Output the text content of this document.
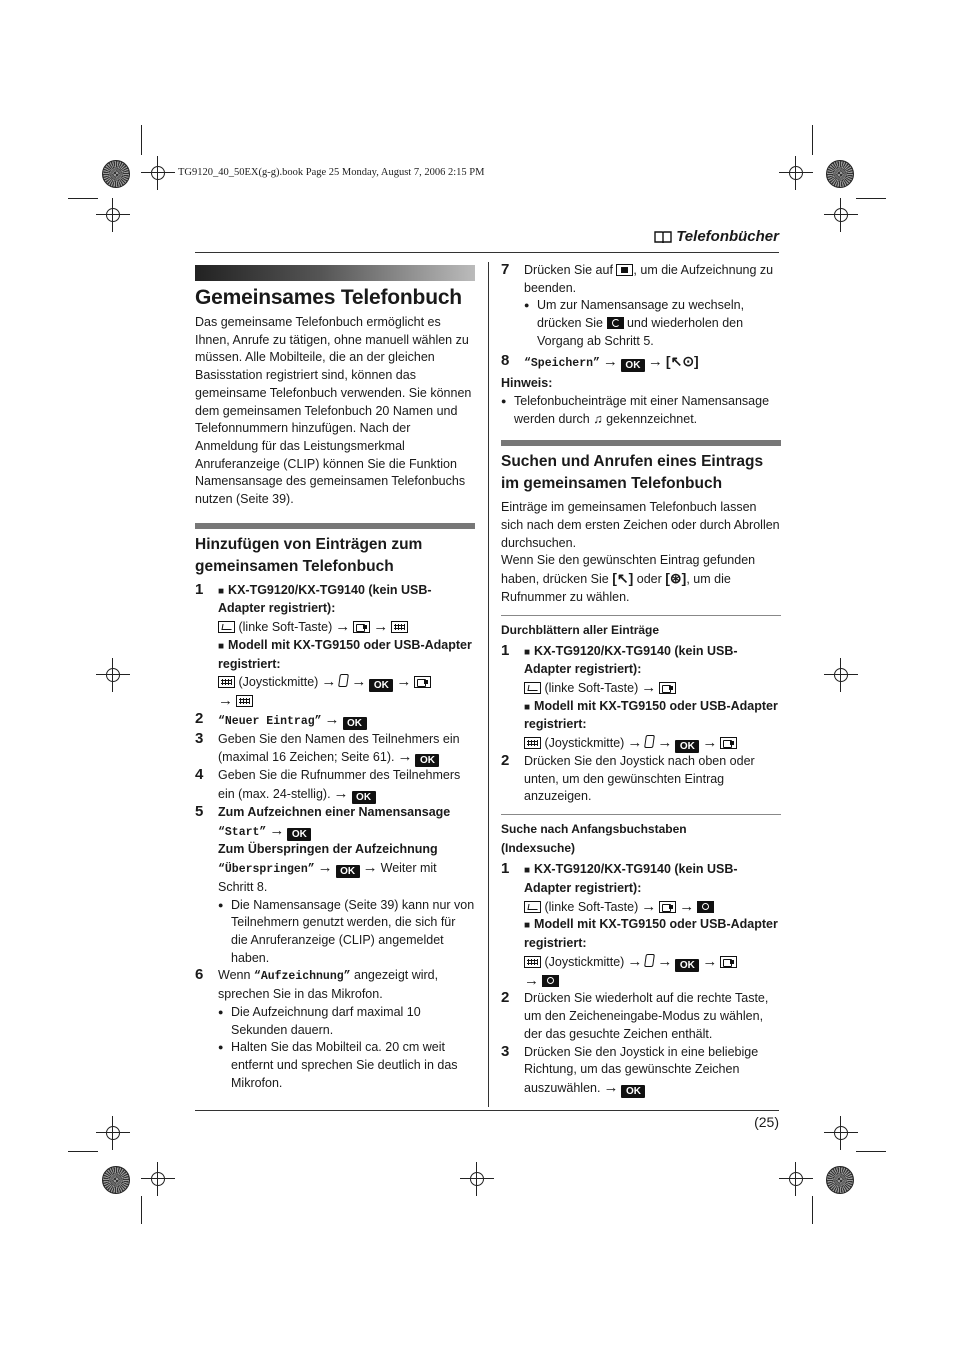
TG9120_40_50EX(g-g).book Page 25 Monday, August 7, 2006 2:15 PM
Telefonbücher
Gemeinsames Telefonbuch

Das gemeinsame Telefonbuch ermöglicht es Ihnen, Anrufe zu tätigen, ohne manuell wählen zu müssen. Alle Mobilteile, die an der gleichen Basisstation registriert sind, können das gemeinsame Telefonbuch verwenden. Sie können dem gemeinsamen Telefonbuch 20 Namen und Telefonnummern hinzufügen. Nach der Anmeldung für das Leistungsmerkmal Anruferanzeige (CLIP) können Sie die Funktion Namensansage des gemeinsamen Telefonbuchs nutzen (Seite 39).

Hinzufügen von Einträgen zum gemeinsamen Telefonbuch
1	■ KX-TG9120/KX-TG9140 (kein USB-Adapter registriert):
(linke Soft-Taste) → →
■ Modell mit KX-TG9150 oder USB-Adapter registriert:
(Joystickmitte) → → OK →
→
2 “Neuer Eintrag” → OK
3 Geben Sie den Namen des Teilnehmers ein (maximal 16 Zeichen; Seite 61). → OK
4 Geben Sie die Rufnummer des Teilnehmers ein (max. 24-stellig). → OK
5 Zum Aufzeichnen einer Namensansage
“Start” → OK
Zum Überspringen der Aufzeichnung
“Überspringen” → OK → Weiter mit Schritt 8.
● Die Namensansage (Seite 39) kann nur von Teilnehmern genutzt werden, die sich für die Anruferanzeige (CLIP) angemeldet haben.
6 Wenn “Aufzeichnung” angezeigt wird, sprechen Sie in das Mikrofon.
● Die Aufzeichnung darf maximal 10 Sekunden dauern.
● Halten Sie das Mobilteil ca. 20 cm weit entfernt und sprechen Sie deutlich in das Mikrofon.
7 Drücken Sie auf , um die Aufzeichnung zu beenden.
● Um zur Namensansage zu wechseln, drücken Sie und wiederholen den Vorgang ab Schritt 5.
8 “Speichern” → OK → [↖⊙]
Hinweis:
● Telefonbucheinträge mit einer Namensansage werden durch ♫ gekennzeichnet.
Suchen und Anrufen eines Eintrags im gemeinsamen Telefonbuch

Einträge im gemeinsamen Telefonbuch lassen sich nach dem ersten Zeichen oder durch Abrollen durchsuchen.

Wenn Sie den gewünschten Eintrag gefunden haben, drücken Sie [↖] oder [⊛], um die Rufnummer zu wählen.

Durchblättern aller Einträge
1	■ KX-TG9120/KX-TG9140 (kein USB-Adapter registriert):
(linke Soft-Taste) →
■ Modell mit KX-TG9150 oder USB-Adapter registriert:
(Joystickmitte) → → OK →
2 Drücken Sie den Joystick nach oben oder unten, um den gewünschten Eintrag anzuzeigen.
Suche nach Anfangsbuchstaben
(Indexsuche)
1	■ KX-TG9120/KX-TG9140 (kein USB-Adapter registriert):
(linke Soft-Taste) → →
■ Modell mit KX-TG9150 oder USB-Adapter registriert:
(Joystickmitte) → → OK →
→
2 Drücken Sie wiederholt auf die rechte Taste, um den Zeicheneingabe-Modus zu wählen, der das gesuchte Zeichen enthält.
3 Drücken Sie den Joystick in eine beliebige Richtung, um das gewünschte Zeichen auszuwählen. → OK
(25)
